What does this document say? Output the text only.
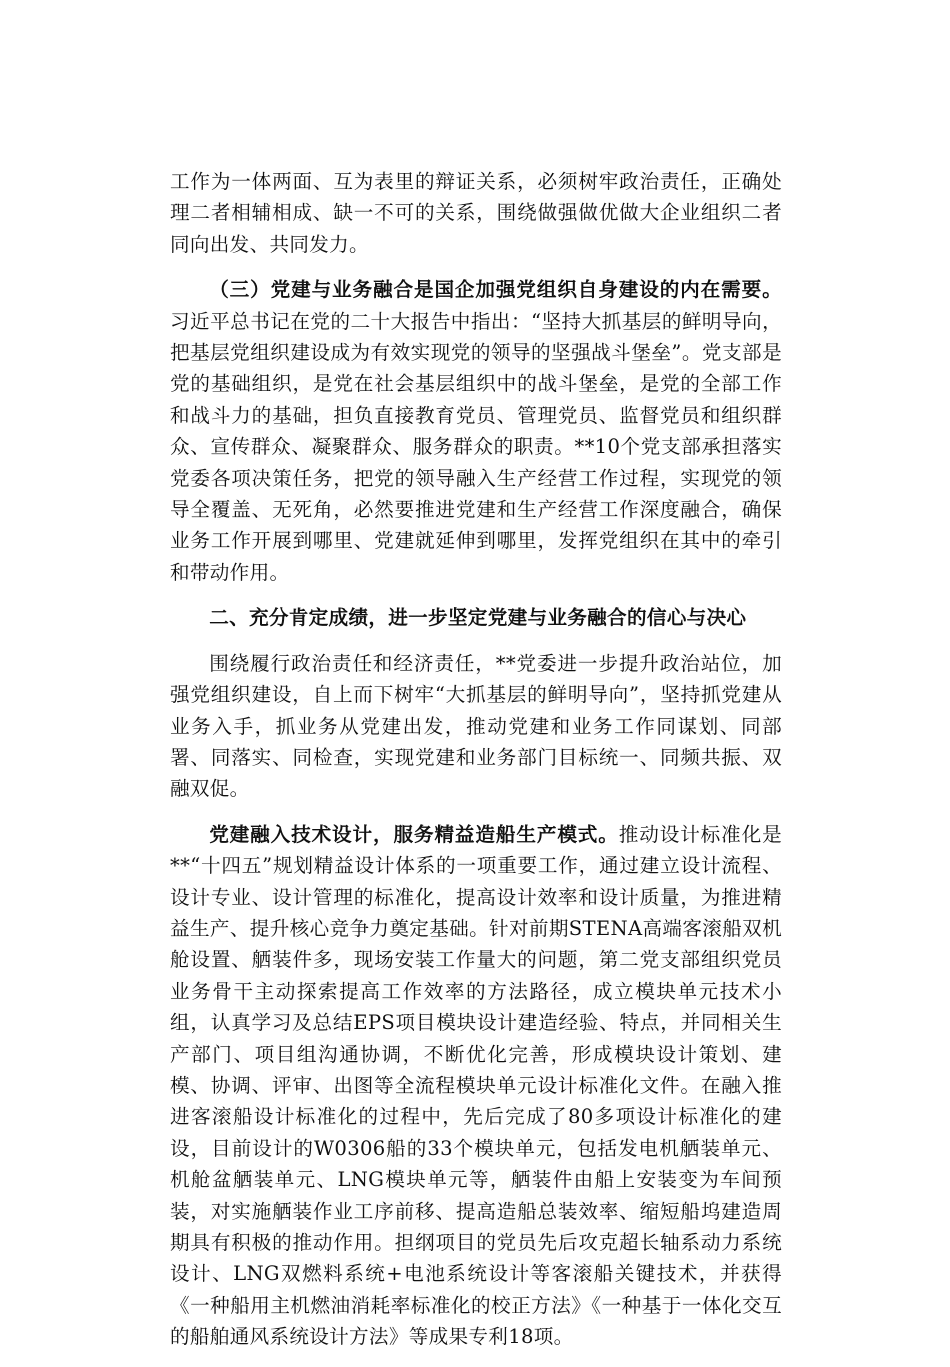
工作为一体两面、互为表里的辩证关系，必须树牢政治责任，正确处理二者相辅相成、缺一不可的关系，围绕做强做优做大企业组织二者同向出发、共同发力。

（三）党建与业务融合是国企加强党组织自身建设的内在需要。习近平总书记在党的二十大报告中指出：“坚持大抓基层的鲜明导向，把基层党组织建设成为有效实现党的领导的坚强战斗堡垒”。党支部是党的基础组织，是党在社会基层组织中的战斗堡垒，是党的全部工作和战斗力的基础，担负直接教育党员、管理党员、监督党员和组织群众、宣传群众、凝聚群众、服务群众的职责。**10个党支部承担落实党委各项决策任务，把党的领导融入生产经营工作过程，实现党的领导全覆盖、无死角，必然要推进党建和生产经营工作深度融合，确保业务工作开展到哪里、党建就延伸到哪里，发挥党组织在其中的牵引和带动作用。

二、充分肯定成绩，进一步坚定党建与业务融合的信心与决心

围绕履行政治责任和经济责任，**党委进一步提升政治站位，加强党组织建设，自上而下树牢“大抓基层的鲜明导向”，坚持抓党建从业务入手，抓业务从党建出发，推动党建和业务工作同谋划、同部署、同落实、同检查，实现党建和业务部门目标统一、同频共振、双融双促。

党建融入技术设计，服务精益造船生产模式。推动设计标准化是**“十四五”规划精益设计体系的一项重要工作，通过建立设计流程、设计专业、设计管理的标准化，提高设计效率和设计质量，为推进精益生产、提升核心竞争力奠定基础。针对前期STENA高端客滚船双机舱设置、舾装件多，现场安装工作量大的问题，第二党支部组织党员业务骨干主动探索提高工作效率的方法路径，成立模块单元技术小组，认真学习及总结EPS项目模块设计建造经验、特点，并同相关生产部门、项目组沟通协调，不断优化完善，形成模块设计策划、建模、协调、评审、出图等全流程模块单元设计标准化文件。在融入推进客滚船设计标准化的过程中，先后完成了80多项设计标准化的建设，目前设计的W0306船的33个模块单元，包括发电机舾装单元、机舱盆舾装单元、LNG模块单元等，舾装件由船上安装变为车间预装，对实施舾装作业工序前移、提高造船总装效率、缩短船坞建造周期具有积极的推动作用。担纲项目的党员先后攻克超长轴系动力系统设计、LNG双燃料系统+电池系统设计等客滚船关键技术，并获得《一种船用主机燃油消耗率标准化的校正方法》《一种基于一体化交互的船舶通风系统设计方法》等成果专利18项。
